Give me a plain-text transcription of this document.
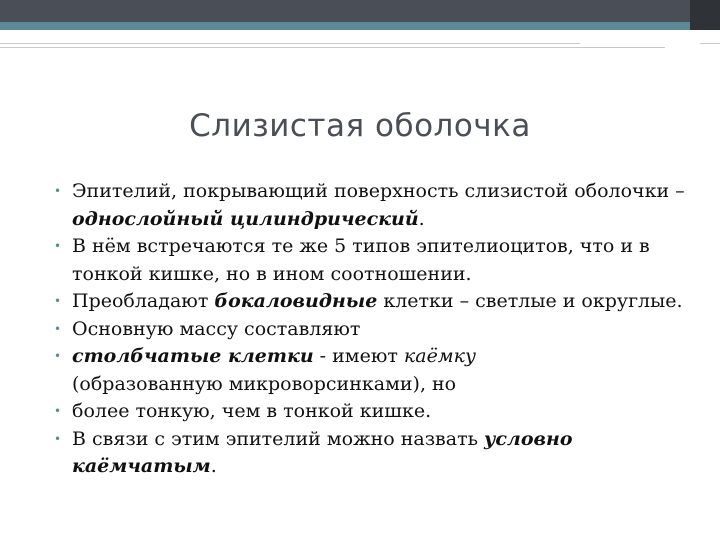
Слизистая оболочка
• Эпителий, покрывающий поверхность слизистой оболочки – однослойный цилиндрический.
• В нём встречаются те же 5 типов эпителиоцитов, что и в тонкой кишке, но в ином соотношении.
• Преобладают бокаловидные клетки – светлые и округлые.
• Основную массу составляют
• столбчатые клетки - имеют каёмку
(образованную микроворсинками), но
• более тонкую, чем в тонкой кишке.
• В связи с этим эпителий можно назвать условно каёмчатым.
